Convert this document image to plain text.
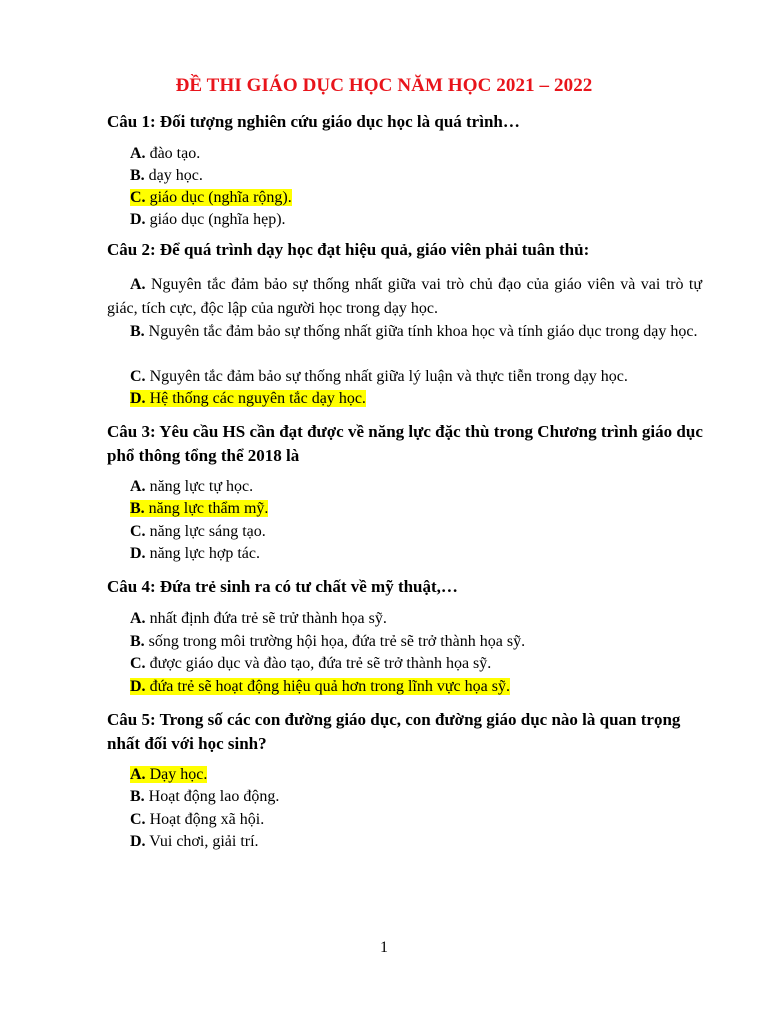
ĐỀ THI GIÁO DỤC HỌC NĂM HỌC 2021 – 2022
Câu 1: Đối tượng nghiên cứu giáo dục học là quá trình…
A. đào tạo.
B. dạy học.
C. giáo dục (nghĩa rộng).
D. giáo dục (nghĩa hẹp).
Câu 2: Để quá trình dạy học đạt hiệu quả, giáo viên phải tuân thủ:
A. Nguyên tắc đảm bảo sự thống nhất giữa vai trò chủ đạo của giáo viên và vai trò tự giác, tích cực, độc lập của người học trong dạy học.
B. Nguyên tắc đảm bảo sự thống nhất giữa tính khoa học và tính giáo dục trong dạy học.
C. Nguyên tắc đảm bảo sự thống nhất giữa lý luận và thực tiễn trong dạy học.
D. Hệ thống các nguyên tắc dạy học.
Câu 3: Yêu cầu HS cần đạt được về năng lực đặc thù trong Chương trình giáo dục phổ thông tổng thể 2018 là
A. năng lực tự học.
B. năng lực thẩm mỹ.
C. năng lực sáng tạo.
D. năng lực hợp tác.
Câu 4: Đứa trẻ sinh ra có tư chất về mỹ thuật,…
A. nhất định đứa trẻ sẽ trử thành họa sỹ.
B. sống trong môi trường hội họa, đứa trẻ sẽ trở thành họa sỹ.
C. được giáo dục và đào tạo, đứa trẻ sẽ trở thành họa sỹ.
D. đứa trẻ sẽ hoạt động hiệu quả hơn trong lĩnh vực họa sỹ.
Câu 5: Trong số các con đường giáo dục, con đường giáo dục nào là quan trọng nhất đối với học sinh?
A. Dạy học.
B. Hoạt động lao động.
C. Hoạt động xã hội.
D. Vui chơi, giải trí.
1
